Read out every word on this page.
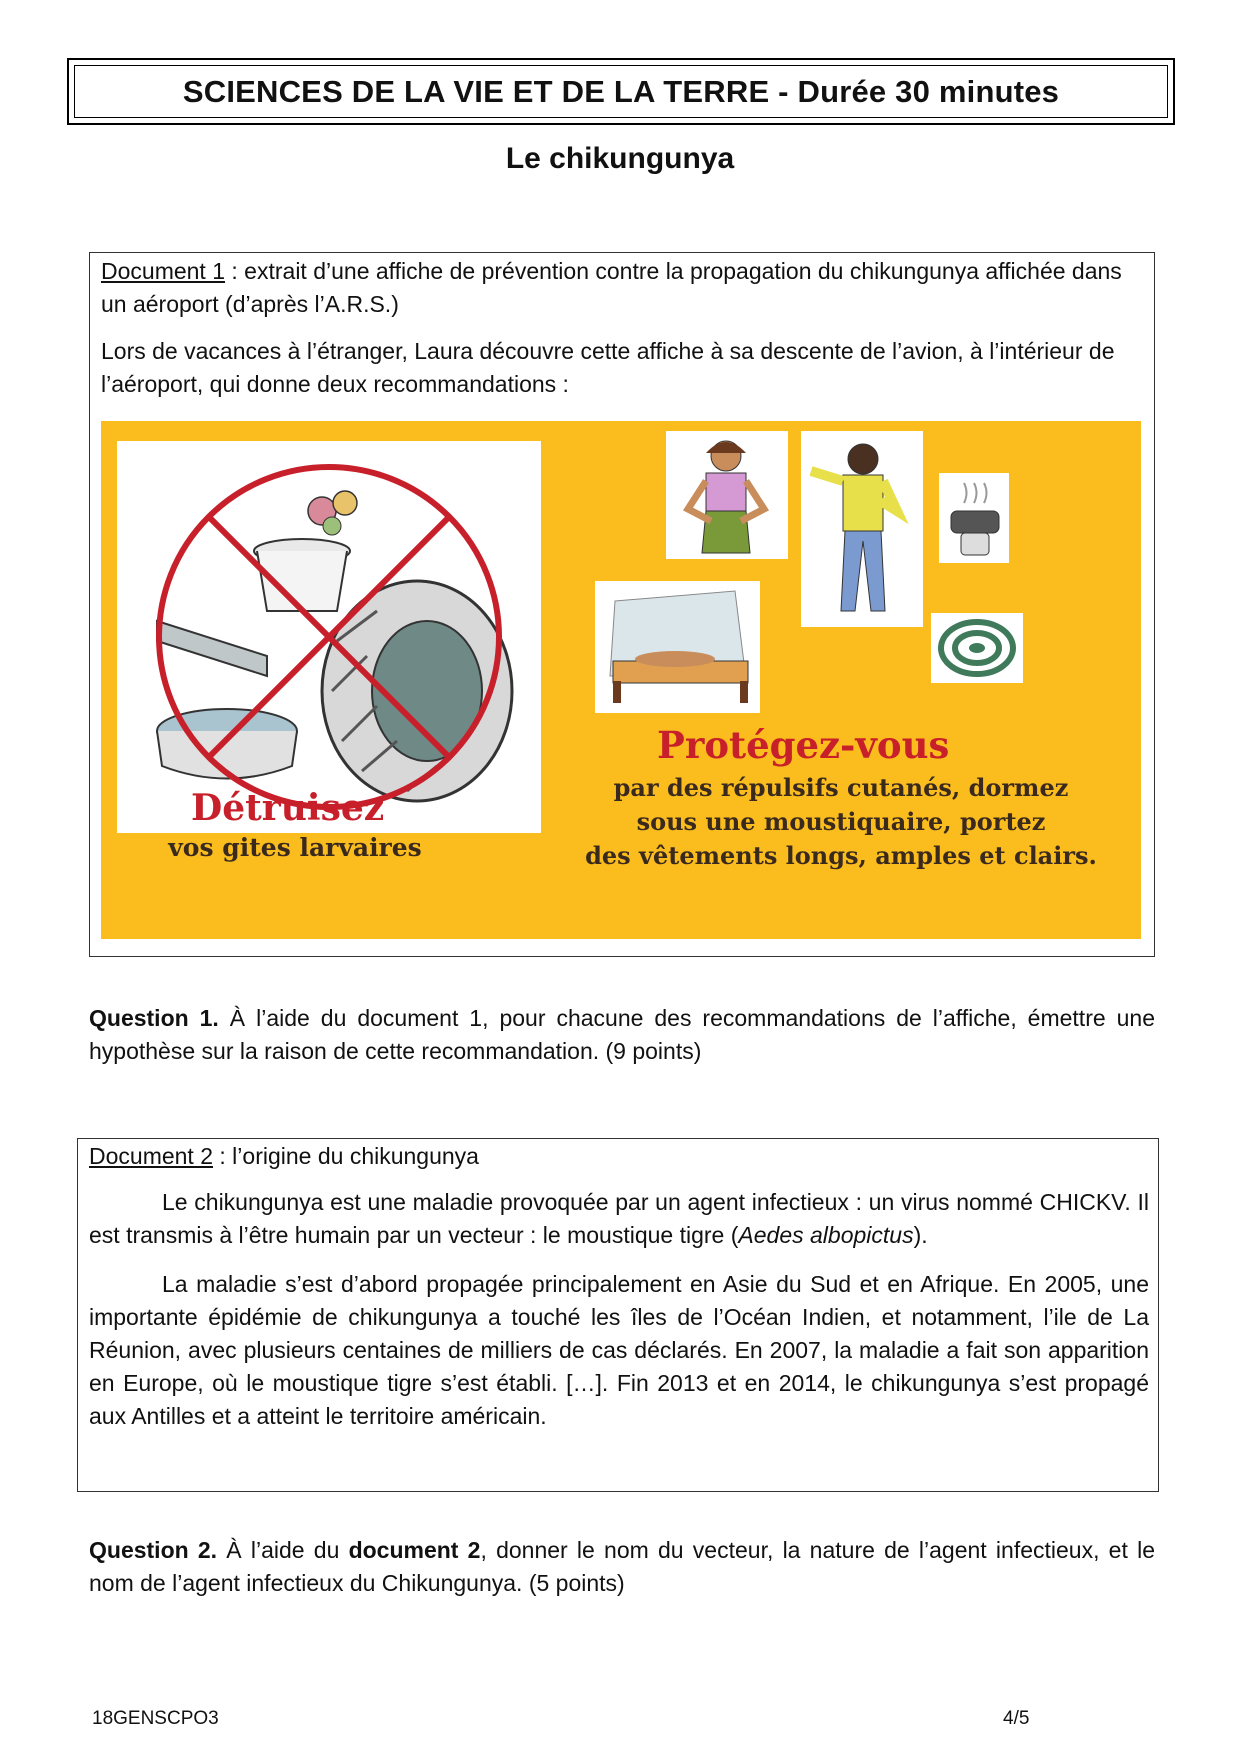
SCIENCES DE LA VIE ET DE LA TERRE - Durée 30 minutes
Le chikungunya
Document 1 : extrait d’une affiche de prévention contre la propagation du chikungunya affichée dans un aéroport (d’après l’A.R.S.)
Lors de vacances à l’étranger, Laura découvre cette affiche à sa descente de l’avion, à l’intérieur de l’aéroport, qui donne deux recommandations :
Détruisez
vos gites larvaires
Protégez-vous
par des répulsifs cutanés, dormez
sous une moustiquaire, portez
des vêtements longs, amples et clairs.
Question 1. À l’aide du document 1, pour chacune des recommandations de l’affiche, émettre une hypothèse sur la raison de cette recommandation. (9 points)
Document 2 : l’origine du chikungunya
Le chikungunya est une maladie provoquée par un agent infectieux : un virus nommé CHICKV. Il est transmis à l’être humain par un vecteur : le moustique tigre (Aedes albopictus).
La maladie s’est d’abord propagée principalement en Asie du Sud et en Afrique. En 2005, une importante épidémie de chikungunya a touché les îles de l’Océan Indien, et notamment, l’ile de La Réunion, avec plusieurs centaines de milliers de cas déclarés. En 2007, la maladie a fait son apparition en Europe, où le moustique tigre s’est établi. […]. Fin 2013 et en 2014, le chikungunya s’est propagé aux Antilles et a atteint le territoire américain.
Question 2. À l’aide du document 2, donner le nom du vecteur, la nature de l’agent infectieux, et le nom de l’agent infectieux du Chikungunya. (5 points)
18GENSCPO3	4/5
